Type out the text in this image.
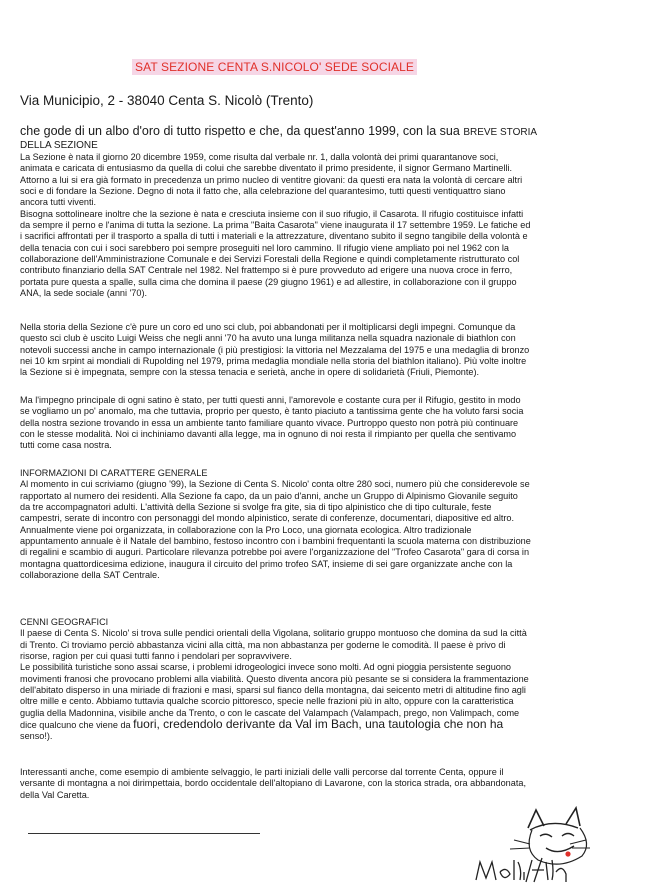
SAT SEZIONE CENTA S.NICOLO' SEDE SOCIALE
Via Municipio, 2 - 38040 Centa S. Nicolò (Trento)
che gode di un albo d'oro di tutto rispetto e che, da quest'anno 1999, con la sua BREVE STORIA
DELLA SEZIONE
La Sezione è nata il giorno 20 dicembre 1959, come risulta dal verbale nr. 1, dalla volontà dei primi quarantanove soci,
animata e caricata di entusiasmo da quella di colui che sarebbe diventato il primo presidente, il signor Germano Martinelli.
Attorno a lui si era già formato in precedenza un primo nucleo di ventitre giovani: da questi era nata la volontà di cercare altri
soci e di fondare la Sezione. Degno di nota il fatto che, alla celebrazione del quarantesimo, tutti questi ventiquattro siano
ancora tutti viventi.
Bisogna sottolineare inoltre che la sezione è nata e cresciuta insieme con il suo rifugio, il Casarota. Il rifugio costituisce infatti
da sempre il perno e l'anima di tutta la sezione. La prima "Baita Casarota" viene inaugurata il 17 settembre 1959. Le fatiche ed
i sacrifici affrontati per il trasporto a spalla di tutti i materiali e la attrezzature, diventano subito il segno tangibile della volontà e
della tenacia con cui i soci sarebbero poi sempre proseguiti nel loro cammino. Il rifugio viene ampliato poi nel 1962 con la
collaborazione dell'Amministrazione Comunale e dei Servizi Forestali della Regione e quindi completamente ristrutturato col
contributo finanziario della SAT Centrale nel 1982. Nel frattempo si è pure provveduto ad erigere una nuova croce in ferro,
portata pure questa a spalle, sulla cima che domina il paese (29 giugno 1961) e ad allestire, in collaborazione con il gruppo
ANA, la sede sociale (anni '70).
Nella storia della Sezione c'è pure un coro ed uno sci club, poi abbandonati per il moltiplicarsi degli impegni. Comunque da
questo sci club è uscito Luigi Weiss che negli anni '70 ha avuto una lunga militanza nella squadra nazionale di biathlon con
notevoli successi anche in campo internazionale (i più prestigiosi: la vittoria nel Mezzalama del 1975 e una medaglia di bronzo
nei 10 km srpint ai mondiali di Rupolding nel 1979, prima medaglia mondiale nella storia del biathlon italiano). Più volte inoltre
la Sezione si è impegnata, sempre con la stessa tenacia e serietà, anche in opere di solidarietà (Friuli, Piemonte).
Ma l'impegno principale di ogni satino è stato, per tutti questi anni, l'amorevole e costante cura per il Rifugio, gestito in modo
se vogliamo un po' anomalo, ma che tuttavia, proprio per questo, è tanto piaciuto a tantissima gente che ha voluto farsi socia
della nostra sezione trovando in essa un ambiente tanto familiare quanto vivace. Purtroppo questo non potrà più continuare
con le stesse modalità. Noi ci inchiniamo davanti alla legge, ma in ognuno di noi resta il rimpianto per quella che sentivamo
tutti come casa nostra.
INFORMAZIONI DI CARATTERE GENERALE
Al momento in cui scriviamo (giugno '99), la Sezione di Centa S. Nicolo' conta oltre 280 soci, numero più che considerevole se
rapportato al numero dei residenti. Alla Sezione fa capo, da un paio d'anni, anche un Gruppo di Alpinismo Giovanile seguito
da tre accompagnatori adulti. L'attività della Sezione si svolge fra gite, sia di tipo alpinistico che di tipo culturale, feste
campestri, serate di incontro con personaggi del mondo alpinistico, serate di conferenze, documentari, diapositive ed altro.
Annualmente viene poi organizzata, in collaborazione con la Pro Loco, una giornata ecologica. Altro tradizionale
appuntamento annuale è il Natale del bambino, festoso incontro con i bambini frequentanti la scuola materna con distribuzione
di regalini e scambio di auguri. Particolare rilevanza potrebbe poi avere l'organizzazione del "Trofeo Casarota" gara di corsa in
montagna quattordicesima edizione, inaugura il circuito del primo trofeo SAT, insieme di sei gare organizzate anche con la
collaborazione della SAT Centrale.
CENNI GEOGRAFICI
Il paese di Centa S. Nicolo' si trova sulle pendici orientali della Vigolana, solitario gruppo montuoso che domina da sud la città
di Trento. Ci troviamo perciò abbastanza vicini alla città, ma non abbastanza per goderne le comodità. Il paese è privo di
risorse, ragion per cui quasi tutti fanno i pendolari per sopravvivere.
Le possibilità turistiche sono assai scarse, i problemi idrogeologici invece sono molti. Ad ogni pioggia persistente seguono
movimenti franosi che provocano problemi alla viabilità. Questo diventa ancora più pesante se si considera la frammentazione
dell'abitato disperso in una miriade di frazioni e masi, sparsi sul fianco della montagna, dai seicento metri di altitudine fino agli
oltre mille e cento. Abbiamo tuttavia qualche scorcio pittoresco, specie nelle frazioni più in alto, oppure con la caratteristica
guglia della Madonnina, visibile anche da Trento, o con le cascate del Valampach (Valampach, prego, non Valimpach, come
dice qualcuno che viene da fuori, credendolo derivante da Val im Bach, una tautologia che non ha
senso!).
Interessanti anche, come esempio di ambiente selvaggio, le parti iniziali delle valli percorse dal torrente Centa, oppure il
versante di montagna a noi dirimpettaia, bordo occidentale dell'altopiano di Lavarone, con la storica strada, ora abbandonata,
della Val Caretta.
